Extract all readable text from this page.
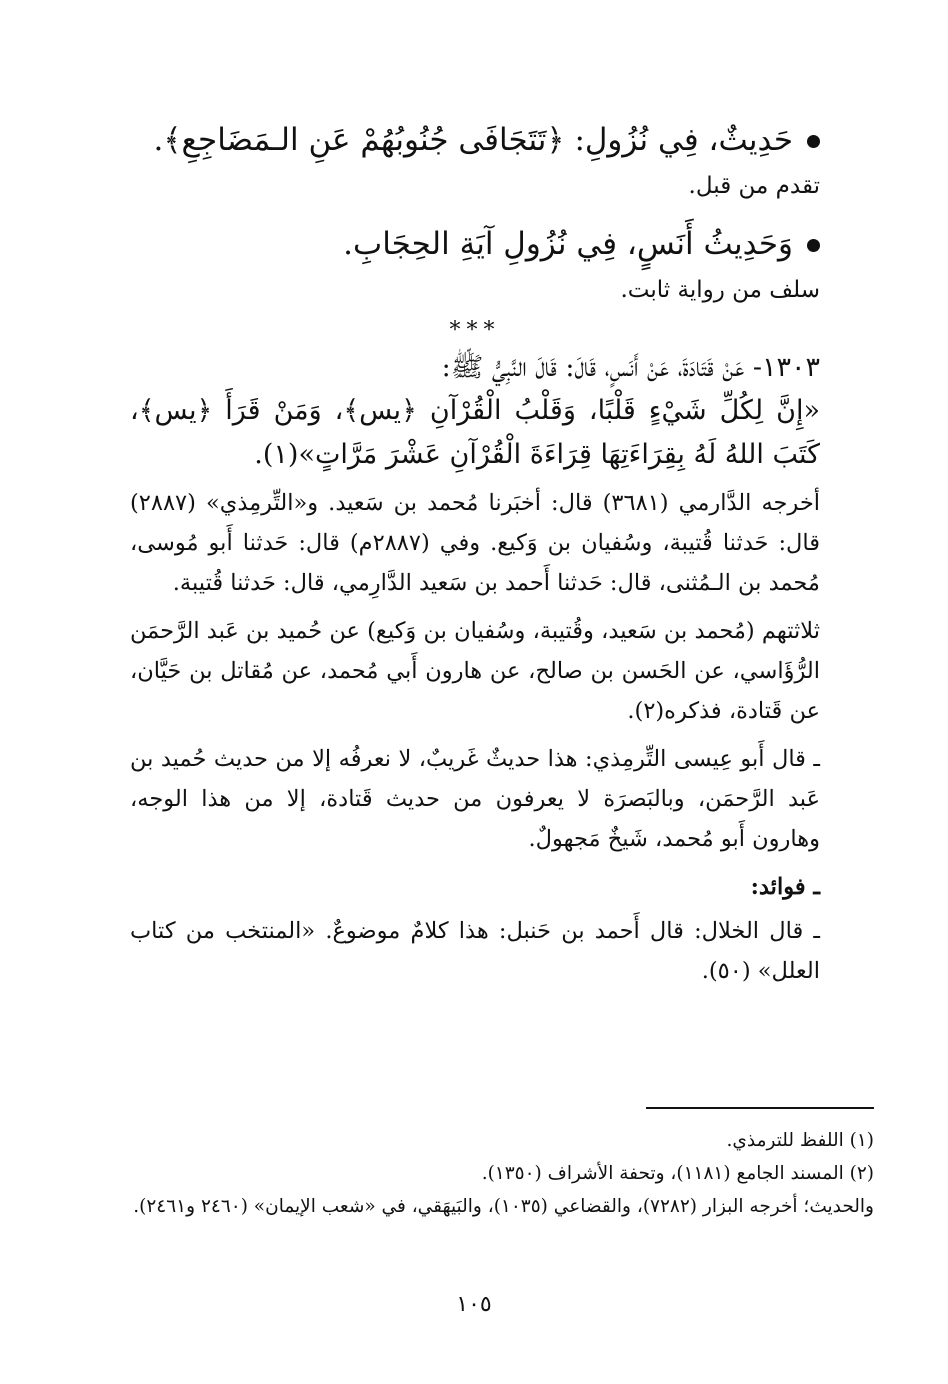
حَدِيثٌ، فِي نُزُولِ: ﴿تَتَجَافَى جُنُوبُهُمْ عَنِ الـمَضَاجِعِ﴾.

تقدم من قبل.

وَحَدِيثُ أَنَسٍ، فِي نُزُولِ آيَةِ الحِجَابِ.

سلف من رواية ثابت.

***

١٣٠٣- عَنْ قَتَادَةَ، عَنْ أَنَسٍ، قَالَ: قَالَ النَّبِيُّ ﷺ:

«إِنَّ لِكُلِّ شَيْءٍ قَلْبًا، وَقَلْبُ الْقُرْآنِ ﴿يس﴾، وَمَنْ قَرَأَ ﴿يس﴾، كَتَبَ اللهُ لَهُ بِقِرَاءَتِهَا قِرَاءَةَ الْقُرْآنِ عَشْرَ مَرَّاتٍ»(١).

أخرجه الدَّارمي (٣٦٨١) قال: أخبَرنا مُحمد بن سَعيد. و«التِّرمِذي» (٢٨٨٧) قال: حَدثنا قُتيبة، وسُفيان بن وَكيع. وفي (٢٨٨٧م) قال: حَدثنا أَبو مُوسى، مُحمد بن الـمُثنى، قال: حَدثنا أَحمد بن سَعيد الدَّارِمي، قال: حَدثنا قُتيبة.

ثلاثتهم (مُحمد بن سَعيد، وقُتيبة، وسُفيان بن وَكيع) عن حُميد بن عَبد الرَّحمَن الرُّؤَاسي، عن الحَسن بن صالح، عن هارون أَبي مُحمد، عن مُقاتل بن حَيَّان، عن قَتادة، فذكره(٢).

ـ قال أَبو عِيسى التِّرمِذي: هذا حديثٌ غَريبٌ، لا نعرفُه إلا من حديث حُميد بن عَبد الرَّحمَن، وبالبَصرَة لا يعرفون من حديث قَتادة، إلا من هذا الوجه، وهارون أَبو مُحمد، شَيخٌ مَجهولٌ.

ـ فوائد:

ـ قال الخلال: قال أَحمد بن حَنبل: هذا كلامٌ موضوعٌ. «المنتخب من كتاب العلل» (٥٠).

(١) اللفظ للترمذي.

(٢) المسند الجامع (١١٨١)، وتحفة الأشراف (١٣٥٠).

والحديث؛ أخرجه البزار (٧٢٨٢)، والقضاعي (١٠٣٥)، والبَيهَقي، في «شعب الإيمان» (٢٤٦٠ و٢٤٦١).

١٠٥
